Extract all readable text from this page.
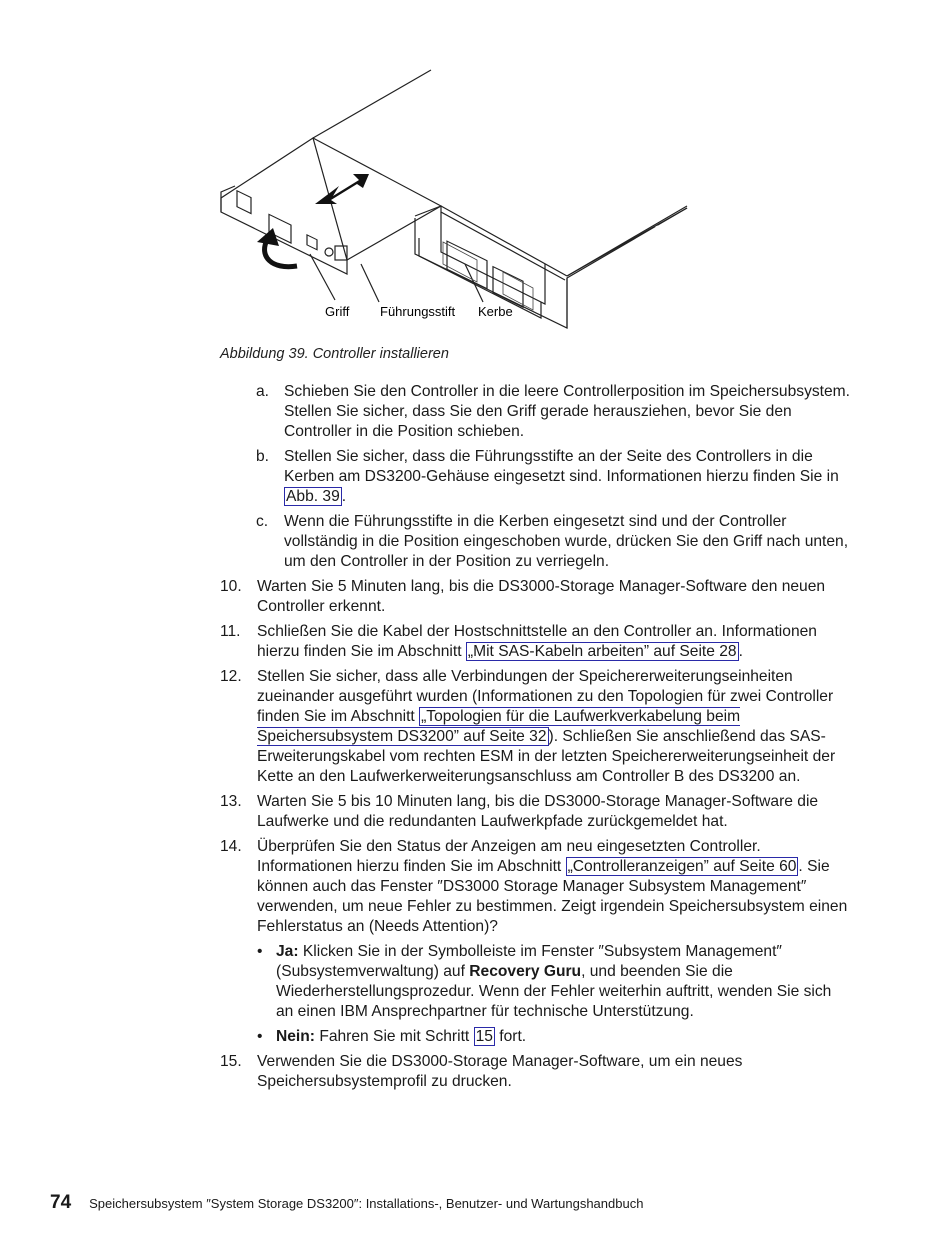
Griff Führungsstift Kerbe
Abbildung 39. Controller installieren
a. Schieben Sie den Controller in die leere Controllerposition im Speichersubsystem. Stellen Sie sicher, dass Sie den Griff gerade herausziehen, bevor Sie den Controller in die Position schieben.
b. Stellen Sie sicher, dass die Führungsstifte an der Seite des Controllers in die Kerben am DS3200-Gehäuse eingesetzt sind. Informationen hierzu finden Sie in Abb. 39 .
c. Wenn die Führungsstifte in die Kerben eingesetzt sind und der Controller vollständig in die Position eingeschoben wurde, drücken Sie den Griff nach unten, um den Controller in der Position zu verriegeln.
10. Warten Sie 5 Minuten lang, bis die DS3000-Storage Manager-Software den neuen Controller erkennt.
11. Schließen Sie die Kabel der Hostschnittstelle an den Controller an. Informationen hierzu finden Sie im Abschnitt „Mit SAS-Kabeln arbeiten” auf Seite 28 .
12. Stellen Sie sicher, dass alle Verbindungen der Speichererweiterungseinheiten zueinander ausgeführt wurden (Informationen zu den Topologien für zwei Controller finden Sie im Abschnitt „Topologien für die Laufwerkverkabelung beim Speichersubsystem DS3200” auf Seite 32 ). Schließen Sie anschließend das SAS-Erweiterungskabel vom rechten ESM in der letzten Speichererweiterungseinheit der Kette an den Laufwerkerweiterungsanschluss am Controller B des DS3200 an.
13. Warten Sie 5 bis 10 Minuten lang, bis die DS3000-Storage Manager-Software die Laufwerke und die redundanten Laufwerkpfade zurückgemeldet hat.
14. Überprüfen Sie den Status der Anzeigen am neu eingesetzten Controller. Informationen hierzu finden Sie im Abschnitt „Controlleranzeigen” auf Seite 60 . Sie können auch das Fenster ″DS3000 Storage Manager Subsystem Management″ verwenden, um neue Fehler zu bestimmen. Zeigt irgendein Speichersubsystem einen Fehlerstatus an (Needs Attention)?
• Ja: Klicken Sie in der Symbolleiste im Fenster ″Subsystem Management″ (Subsystemverwaltung) auf Recovery Guru, und beenden Sie die Wiederherstellungsprozedur. Wenn der Fehler weiterhin auftritt, wenden Sie sich an einen IBM Ansprechpartner für technische Unterstützung.
• Nein: Fahren Sie mit Schritt 15 fort.
15. Verwenden Sie die DS3000-Storage Manager-Software, um ein neues Speichersubsystemprofil zu drucken.
74 Speichersubsystem ″System Storage DS3200″: Installations-, Benutzer- und Wartungshandbuch
